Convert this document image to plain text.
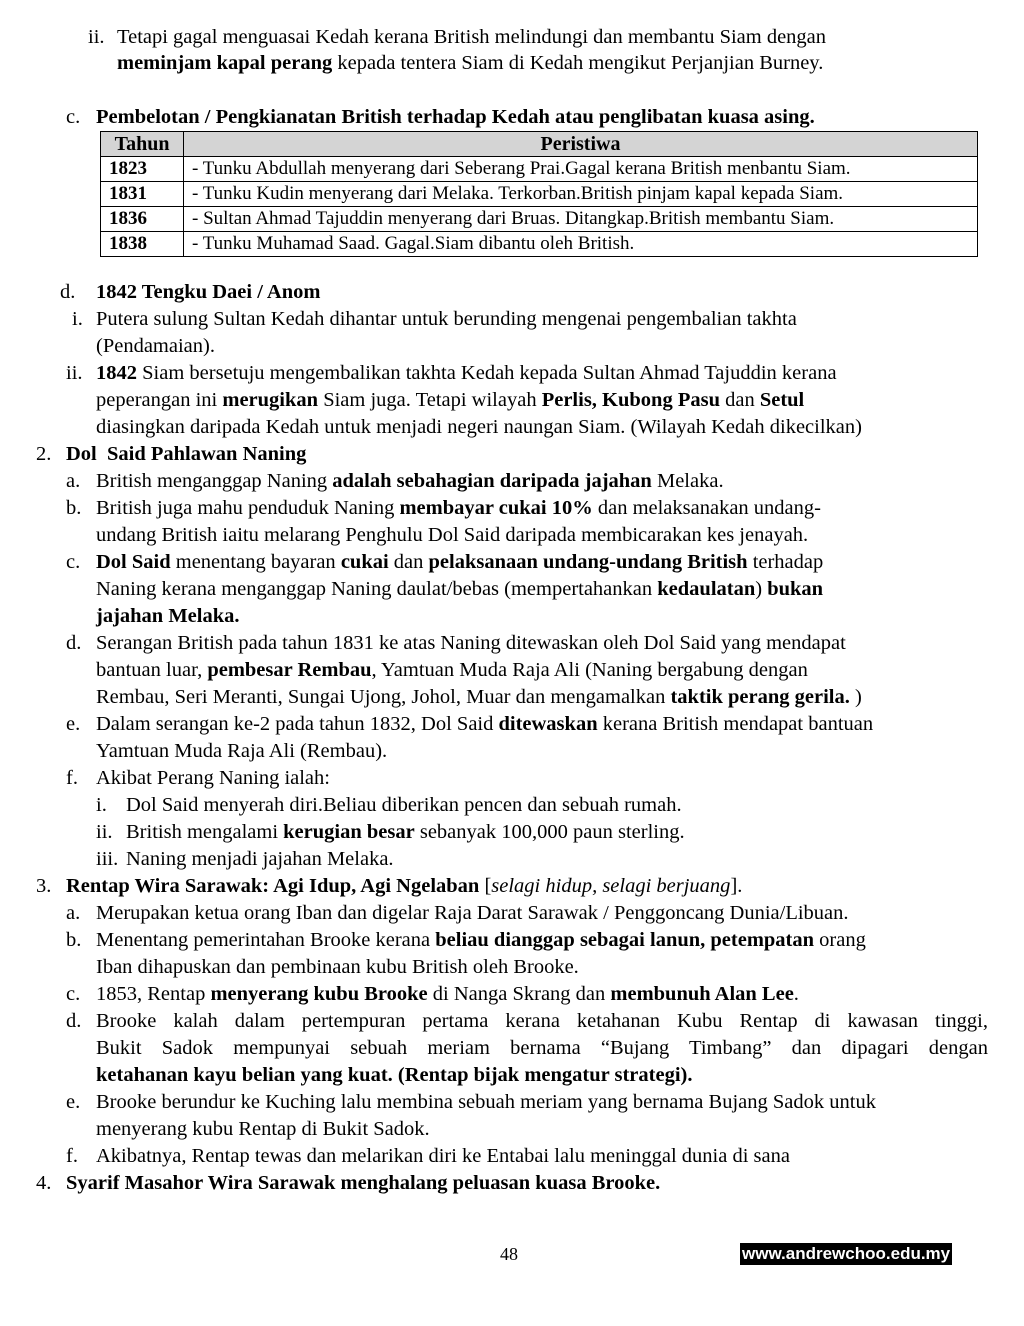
ii. Tetapi gagal menguasai Kedah kerana British melindungi dan membantu Siam dengan
meminjam kapal perang kepada tentera Siam di Kedah mengikut Perjanjian Burney.
c. Pembelotan / Pengkianatan British terhadap Kedah atau penglibatan kuasa asing.
d. 1842 Tengku Daei / Anom
i. Putera sulung Sultan Kedah dihantar untuk berunding mengenai pengembalian takhta
(Pendamaian).
ii. 1842 Siam bersetuju mengembalikan takhta Kedah kepada Sultan Ahmad Tajuddin kerana
peperangan ini merugikan Siam juga. Tetapi wilayah Perlis, Kubong Pasu dan Setul
diasingkan daripada Kedah untuk menjadi negeri naungan Siam. (Wilayah Kedah dikecilkan)
2. Dol  Said Pahlawan Naning
a. British menganggap Naning adalah sebahagian daripada jajahan Melaka.
b. British juga mahu penduduk Naning membayar cukai 10% dan melaksanakan undang-
undang British iaitu melarang Penghulu Dol Said daripada membicarakan kes jenayah.
c. Dol Said menentang bayaran cukai dan pelaksanaan undang-undang British terhadap
Naning kerana menganggap Naning daulat/bebas (mempertahankan kedaulatan) bukan
jajahan Melaka.
d. Serangan British pada tahun 1831 ke atas Naning ditewaskan oleh Dol Said yang mendapat
bantuan luar, pembesar Rembau, Yamtuan Muda Raja Ali (Naning bergabung dengan
Rembau, Seri Meranti, Sungai Ujong, Johol, Muar dan mengamalkan taktik perang gerila. )
e. Dalam serangan ke-2 pada tahun 1832, Dol Said ditewaskan kerana British mendapat bantuan
Yamtuan Muda Raja Ali (Rembau).
f. Akibat Perang Naning ialah:
i. Dol Said menyerah diri.Beliau diberikan pencen dan sebuah rumah.
ii. British mengalami kerugian besar sebanyak 100,000 paun sterling.
iii. Naning menjadi jajahan Melaka.
3. Rentap Wira Sarawak: Agi Idup, Agi Ngelaban [selagi hidup, selagi berjuang].
a. Merupakan ketua orang Iban dan digelar Raja Darat Sarawak / Penggoncang Dunia/Libuan.
b. Menentang pemerintahan Brooke kerana beliau dianggap sebagai lanun, petempatan orang
Iban dihapuskan dan pembinaan kubu British oleh Brooke.
c. 1853, Rentap menyerang kubu Brooke di Nanga Skrang dan membunuh Alan Lee.
d. Brooke kalah dalam pertempuran pertama kerana ketahanan Kubu Rentap di kawasan tinggi,
Bukit Sadok mempunyai sebuah meriam bernama “Bujang Timbang” dan dipagari dengan
ketahanan kayu belian yang kuat. (Rentap bijak mengatur strategi).
e. Brooke berundur ke Kuching lalu membina sebuah meriam yang bernama Bujang Sadok untuk
menyerang kubu Rentap di Bukit Sadok.
f. Akibatnya, Rentap tewas dan melarikan diri ke Entabai lalu meninggal dunia di sana
4. Syarif Masahor Wira Sarawak menghalang peluasan kuasa Brooke.
Tahun	Peristiwa
1823	- Tunku Abdullah menyerang dari Seberang Prai.Gagal kerana British menbantu Siam.
1831	- Tunku Kudin menyerang dari Melaka. Terkorban.British pinjam kapal kepada Siam.
1836	- Sultan Ahmad Tajuddin menyerang dari Bruas. Ditangkap.British membantu Siam.
1838	- Tunku Muhamad Saad. Gagal.Siam dibantu oleh British.
48	www.andrewchoo.edu.my
